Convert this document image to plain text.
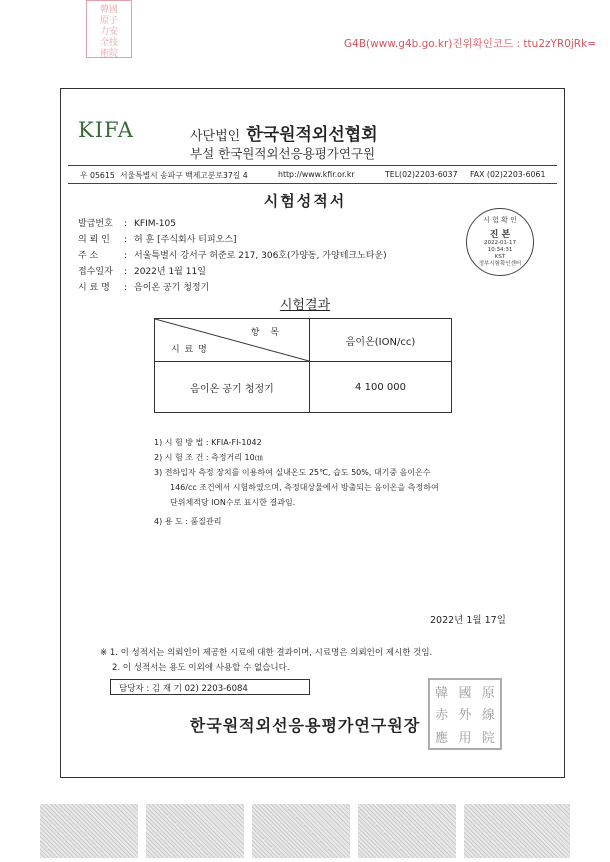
韓國
原子
力安
全技
術院
G4B(www.g4b.go.kr)진위확인코드 : ttu2zYR0jRk=
KIFA	사단법인 한국원적외선협회
부설 한국원적외선응용평가연구원
우 05615 서울특별시 송파구 백제고분로37길 4	http://www.kfir.or.kr	TEL(02)2203-6037 FAX (02)2203-6061
시험성적서
발급번호 : KFIM-105
의 뢰 인 : 허 훈 [주식회사 티피오스]
주 소	: 서울특별시 강서구 허준로 217, 306호(가양동, 가양테크노타운)
접수일자 : 2022년 1월 11일
시 료 명 : 음이온 공기 청정기
시 험 확 인
진 본
2022-01-17
10:34:31
KST
정부시험확인센터
시험결과
항 목
시 료 명	음이온(ION/cc)
음이온 공기 청정기	4 100 000
1) 시 험 방 법 : KFIA-FI-1042
2) 시 험 조 건 : 측정거리 10㎝
3) 전하입자 측정 장치를 이용하여 실내온도 25℃, 습도 50%, 대기중 음이온수
146/cc 조건에서 시험하였으며, 측정대상물에서 방출되는 음이온을 측정하여
단위체적당 ION수로 표시한 결과임.
4) 용 도 : 품질관리
2022년 1월 17일
※ 1. 이 성적서는 의뢰인이 제공한 시료에 대한 결과이며, 시료명은 의뢰인이 제시한 것임.
2. 이 성적서는 용도 이외에 사용할 수 없습니다.
담당자 : 김 재 기 02) 2203-6084	韓 國 原
赤 外 線
應 用 院
한국원적외선응용평가연구원장
